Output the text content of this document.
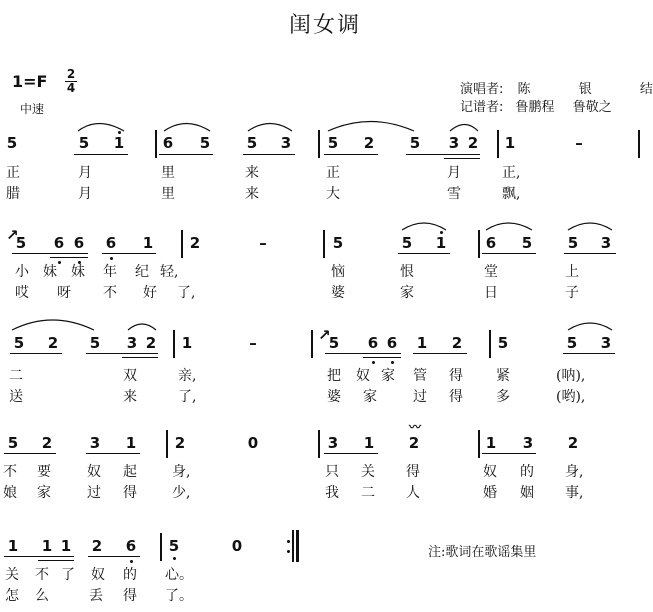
闺女调
1=F 2
4
中速
演唱者: 陈	银	结
记谱者: 鲁鹏程 鲁敬之
5	5 1	6 5 5 3 5 2 5 3 2 1	–
正	月	里	来	正	月	正,
腊	月	里	来	大	雪	飘,
↗
5 6 6 6 1 2	–	5	5 1	6 5 5 3
小 妹 妹 年 纪 轻,	恼	恨	堂	上
哎 呀 不 好 了,	婆	家	日	子
5 2 5 3 2 1	–	↗
5 6 6 1 2 5	5 3
二	双	亲,	把 奴 家 管 得 紧	(呐),
送	来	了,	婆 家	过 得 多	(哟),
5 2	3 1	2	0	3 1 2
〰
1 3 2
不 要	奴 起	身,	只 关 得	奴 的 身,
娘 家	过 得	少,	我 二 人	婚 姻 事,
1 1 1 2 6 5	0
关 不 了 奴 的 心。
怎 么	丢 得 了。
注:歌词在歌谣集里
